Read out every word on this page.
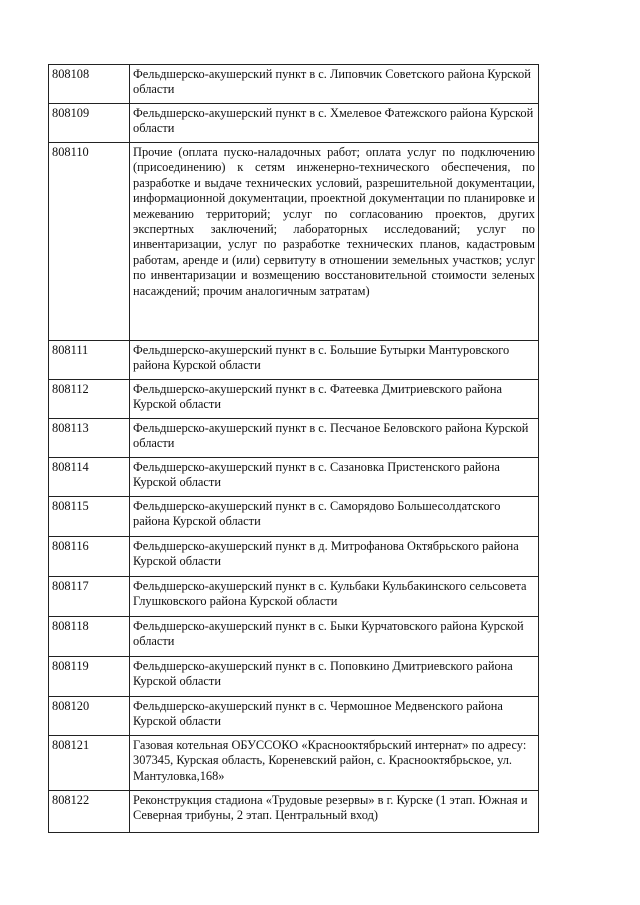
808108	Фельдшерско-акушерский пункт в с. Липовчик Советского района Курской области
808109	Фельдшерско-акушерский пункт в с. Хмелевое Фатежского района Курской области
808110	Прочие (оплата пуско-наладочных работ; оплата услуг по подключению (присоединению) к сетям инженерно-технического обеспечения, по разработке и выдаче технических условий, разрешительной документации, информационной документации, проектной документации по планировке и межеванию территорий; услуг по согласованию проектов, других экспертных заключений; лабораторных исследований; услуг по инвентаризации, услуг по разработке технических планов, кадастровым работам, аренде и (или) сервитуту в отношении земельных участков; услуг по инвентаризации и возмещению восстановительной стоимости зеленых насаждений; прочим аналогичным затратам)
808111	Фельдшерско-акушерский пункт в с. Большие Бутырки Мантуровского района Курской области
808112	Фельдшерско-акушерский пункт в с. Фатеевка Дмитриевского района Курской области
808113	Фельдшерско-акушерский пункт в с. Песчаное Беловского района Курской области
808114	Фельдшерско-акушерский пункт в с. Сазановка Пристенского района Курской области
808115	Фельдшерско-акушерский пункт в с. Саморядово Большесолдатского района Курской области
808116	Фельдшерско-акушерский пункт в д. Митрофанова Октябрьского района Курской области
808117	Фельдшерско-акушерский пункт в с. Кульбаки Кульбакинского сельсовета Глушковского района Курской области
808118	Фельдшерско-акушерский пункт в с. Быки Курчатовского района Курской области
808119	Фельдшерско-акушерский пункт в с. Поповкино Дмитриевского района Курской области
808120	Фельдшерско-акушерский пункт в с. Чермошное Медвенского района Курской области
808121	Газовая котельная ОБУССОКО «Краснооктябрьский интернат» по адресу: 307345, Курская область, Кореневский район, с. Краснооктябрьское, ул. Мантуловка,168»
808122	Реконструкция стадиона «Трудовые резервы» в г. Курске (1 этап. Южная и Северная трибуны, 2 этап. Центральный вход)
